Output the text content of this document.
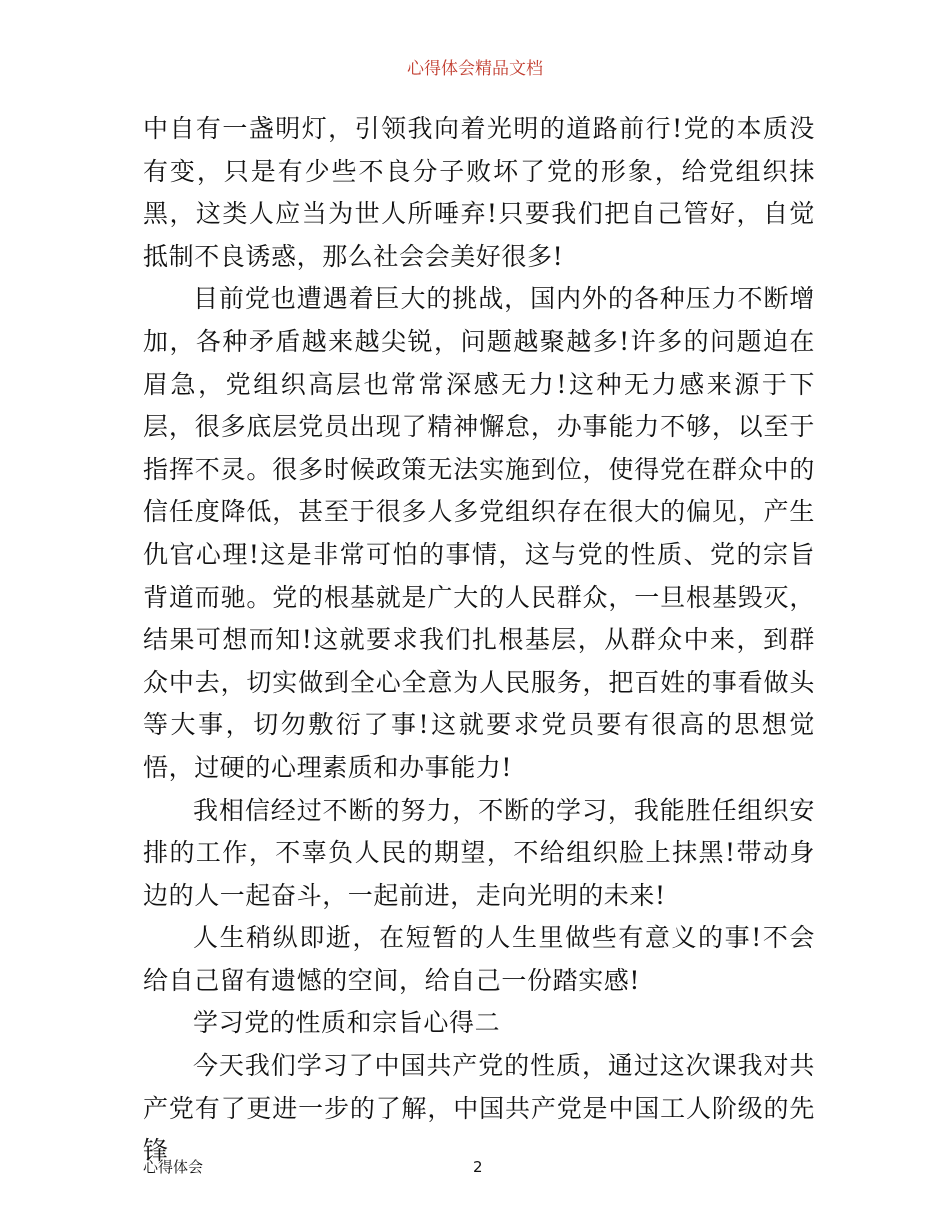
心得体会精品文档

中自有一盏明灯，引领我向着光明的道路前行!党的本质没有变，只是有少些不良分子败坏了党的形象，给党组织抹黑，这类人应当为世人所唾弃!只要我们把自己管好，自觉抵制不良诱惑，那么社会会美好很多!

目前党也遭遇着巨大的挑战，国内外的各种压力不断增加，各种矛盾越来越尖锐，问题越聚越多!许多的问题迫在眉急，党组织高层也常常深感无力!这种无力感来源于下层，很多底层党员出现了精神懈怠，办事能力不够，以至于指挥不灵。很多时候政策无法实施到位，使得党在群众中的信任度降低，甚至于很多人多党组织存在很大的偏见，产生仇官心理!这是非常可怕的事情，这与党的性质、党的宗旨背道而驰。党的根基就是广大的人民群众，一旦根基毁灭，结果可想而知!这就要求我们扎根基层，从群众中来，到群众中去，切实做到全心全意为人民服务，把百姓的事看做头等大事，切勿敷衍了事!这就要求党员要有很高的思想觉悟，过硬的心理素质和办事能力!

我相信经过不断的努力，不断的学习，我能胜任组织安排的工作，不辜负人民的期望，不给组织脸上抹黑!带动身边的人一起奋斗，一起前进，走向光明的未来!

人生稍纵即逝，在短暂的人生里做些有意义的事!不会给自己留有遗憾的空间，给自己一份踏实感!

学习党的性质和宗旨心得二

今天我们学习了中国共产党的性质，通过这次课我对共产党有了更进一步的了解，中国共产党是中国工人阶级的先锋

心得体会	2
